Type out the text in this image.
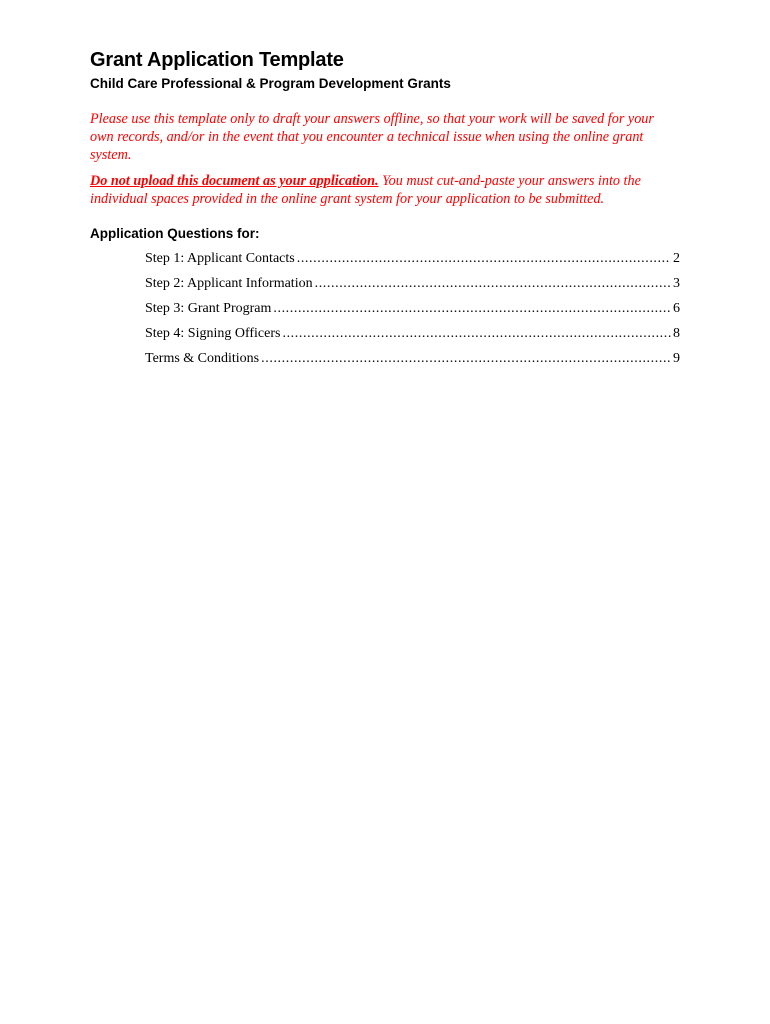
Grant Application Template
Child Care Professional & Program Development Grants

Please use this template only to draft your answers offline, so that your work will be saved for your own records, and/or in the event that you encounter a technical issue when using the online grant system.

Do not upload this document as your application. You must cut-and-paste your answers into the individual spaces provided in the online grant system for your application to be submitted.

Application Questions for:
Step 1: Applicant Contacts .....	2
Step 2: Applicant Information .....	3
Step 3: Grant Program .....	6
Step 4: Signing Officers .....	8
Terms & Conditions .....	9
